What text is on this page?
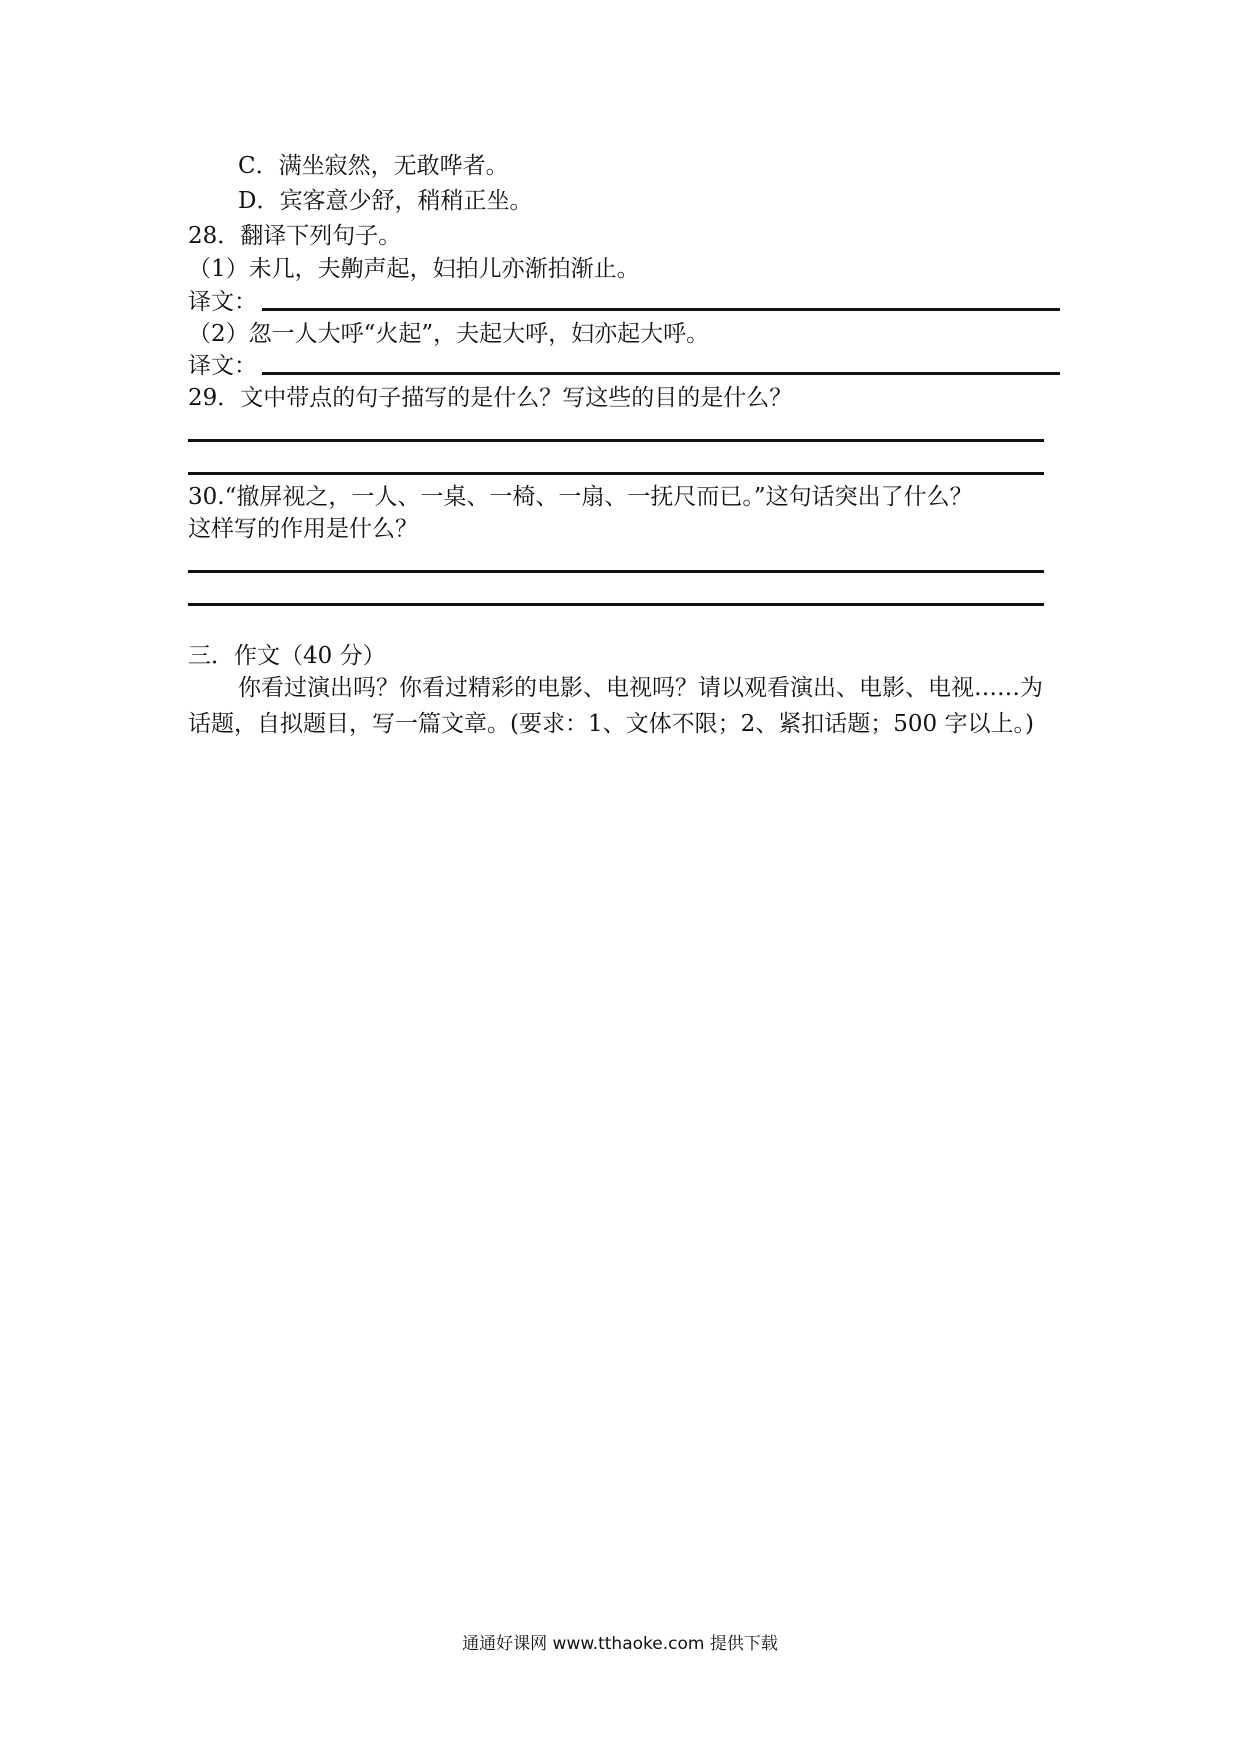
C．满坐寂然，无敢哗者。
D．宾客意少舒，稍稍正坐。
28．翻译下列句子。
（1）未几，夫齁声起，妇拍儿亦渐拍渐止。
译文：
（2）忽一人大呼“火起”，夫起大呼，妇亦起大呼。
译文：
29．文中带点的句子描写的是什么？写这些的目的是什么？
30.“撤屏视之，一人、一桌、一椅、一扇、一抚尺而已。”这句话突出了什么？
这样写的作用是什么？
三．作文（40 分）
你看过演出吗？你看过精彩的电影、电视吗？请以观看演出、电影、电视……为话题，自拟题目，写一篇文章。(要求：1、文体不限；2、紧扣话题；500 字以上。)
通通好课网 www.tthaoke.com 提供下载
